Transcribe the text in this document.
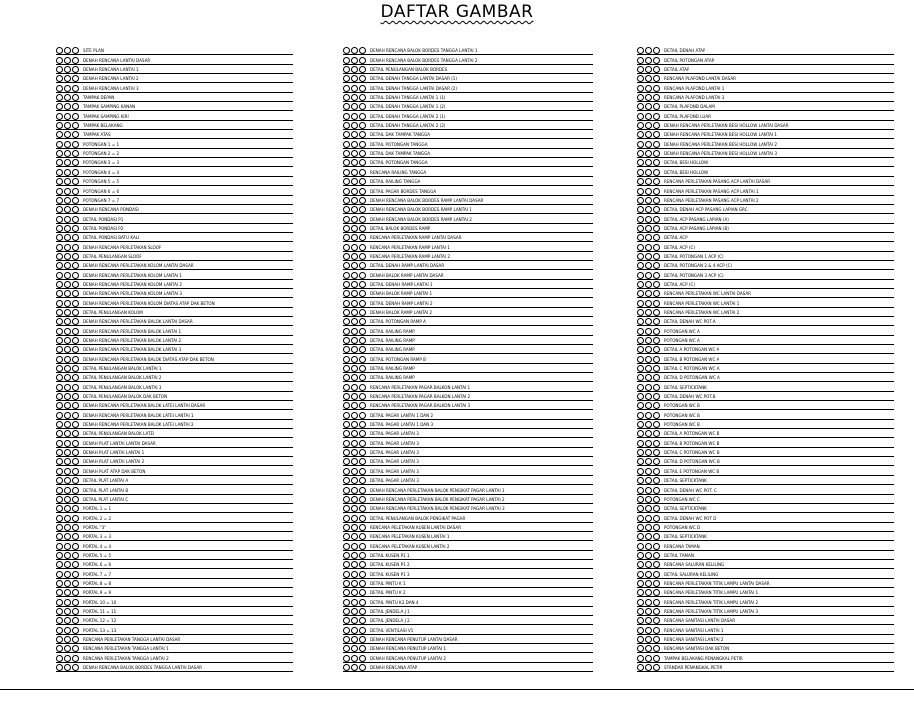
DAFTAR GAMBAR
SITE PLAN
DENAH RENCANA LANTAI DASAR
DENAH RENCANA LANTAI 1
DENAH RENCANA LANTAI 2
DENAH RENCANA LANTAI 3
TAMPAK DEPAN
TAMPAK SAMPING KANAN
TAMPAK SAMPING KIRI
TAMPAK BELAKANG
TAMPAK ATAS
POTONGAN 1 = 1
POTONGAN 2 = 2
POTONGAN 3 = 3
POTONGAN 4 = 4
POTONGAN 5 = 5
POTONGAN 6 = 6
POTONGAN 7 = 7
DENAH RENCANA PONDASI
DETAIL PONDASI P1
DETAIL PONDASI P2
DETAIL PONDASI BATU KALI
DENAH RENCANA PERLETAKAN SLOOF
DETAIL PENULANGAN SLOOF
DENAH RENCANA PERLETAKAN KOLOM LANTAI DASAR
DENAH RENCANA PERLETAKAN KOLOM LANTAI 1
DENAH RENCANA PERLETAKAN KOLOM LANTAI 2
DENAH RENCANA PERLETAKAN KOLOM LANTAI 3
DENAH RENCANA PERLETAKAN KOLOM DIATAS ATAP DAK BETON
DETAIL PENULANGAN KOLOM
DENAH RENCANA PERLETAKAN BALOK LANTAI DASAR
DENAH RENCANA PERLETAKAN BALOK LANTAI 1
DENAH RENCANA PERLETAKAN BALOK LANTAI 2
DENAH RENCANA PERLETAKAN BALOK LANTAI 3
DENAH RENCANA PERLETAKAN BALOK DIATAS ATAP DAK BETON
DETAIL PENULANGAN BALOK LANTAI 1
DETAIL PENULANGAN BALOK LANTAI 2
DETAIL PENULANGAN BALOK LANTAI 3
DETAIL PENULANGAN BALOK DAK BETON
DENAH RENCANA PERLETAKAN BALOK LATEI LANTAI DASAR
DENAH RENCANA PERLETAKAN BALOK LATEI LANTAI 1
DENAH RENCANA PERLETAKAN BALOK LATEI LANTAI 2
DETAIL PENULANGAN BALOK LATEI
DENAH PLAT LANTAI LANTAI DASAR
DENAH PLAT LANTAI LANTAI 1
DENAH PLAT LANTAI LANTAI 2
DENAH PLAT ATAP DAK BETON
DETAIL PLAT LANTAI A
DETAIL PLAT LANTAI B
DETAIL PLAT LANTAI C
PORTAL 1 = 1
PORTAL 2 = 2
PORTAL "3"
PORTAL 3 = 3
PORTAL 4 = 4
PORTAL 5 = 5
PORTAL 6 = 6
PORTAL 7 = 7
PORTAL 8 = 8
PORTAL 9 = 9
PORTAL 10 = 10
PORTAL 11 = 11
PORTAL 12 = 12
PORTAL 13 = 13
RENCANA PERLETAKAN TANGGA LANTAI DASAR
RENCANA PERLETAKAN TANGGA LANTAI 1
RENCANA PERLETAKAN TANGGA LANTAI 2
DENAH RENCANA BALOK BORDES TANGGA LANTAI DASAR
DENAH RENCANA BALOK BORDES TANGGA LANTAI 1
DENAH RENCANA BALOK BORDES TANGGA LANTAI 2
DETAIL PENULANGAN BALOK BORDES
DETAIL DENAH TANGGA LANTAI DASAR (1)
DETAIL DENAH TANGGA LANTAI DASAR (2)
DETAIL DENAH TANGGA LANTAI 1 (1)
DETAIL DENAH TANGGA LANTAI 1 (2)
DETAIL DENAH TANGGA LANTAI 2 (1)
DETAIL DENAH TANGGA LANTAI 2 (2)
DETAIL DAK TAMPAK TANGGA
DETAIL POTONGAN TANGGA
DETAIL DAK TAMPAK TANGGA
DETAIL POTONGAN TANGGA
RENCANA RAILING TANGGA
DETAIL RAILING TANGGA
DETAIL PAGAR BORDES TANGGA
DENAH RENCANA BALOK BORDES RAMP LANTAI DASAR
DENAH RENCANA BALOK BORDES RAMP LANTAI 1
DENAH RENCANA BALOK BORDES RAMP LANTAI 2
DETAIL BALOK BORDES RAMP
RENCANA PERLETAKAN RAMP LANTAI DASAR
RENCANA PERLETAKAN RAMP LANTAI 1
RENCANA PERLETAKAN RAMP LANTAI 2
DETAIL DENAH RAMP LANTAI DASAR
DENAH BALOK RAMP LANTAI DASAR
DETAIL DENAH RAMP LANTAI 1
DENAH BALOK RAMP LANTAI 1
DETAIL DENAH RAMP LANTAI 2
DENAH BALOK RAMP LANTAI 2
DETAIL POTONGAN RAMP A
DETAIL RAILING RAMP
DETAIL RAILING RAMP
DETAIL RAILING RAMP
DETAIL POTONGAN RAMP B
DETAIL RAILING RAMP
DETAIL RAILING RAMP
RENCANA PERLETAKAN PAGAR BALKON LANTAI 1
RENCANA PERLETAKAN PAGAR BALKON LANTAI 2
RENCANA PERLETAKAN PAGAR BALKON LANTAI 3
DETAIL PAGAR LANTAI 1 DAN 2
DETAIL PAGAR LANTAI 1 DAN 3
DETAIL PAGAR LANTAI 3
DETAIL PAGAR LANTAI 3
DETAIL PAGAR LANTAI 3
DETAIL PAGAR LANTAI 3
DETAIL PAGAR LANTAI 3
DETAIL PAGAR LANTAI 3
DENAH RENCANA PERLETAKAN BALOK PENGIKAT PAGAR LANTAI 1
DENAH RENCANA PERLETAKAN BALOK PENGIKAT PAGAR LANTAI 2
DENAH RENCANA PERLETAKAN BALOK PENGIKAT PAGAR LANTAI 3
DETAIL PENULANGAN BALOK PENGIKAT PAGAR
RENCANA PELETAKAN KUSEN LANTAI DASAR
RENCANA PELETAKAN KUSEN LANTAI 1
RENCANA PELETAKAN KUSEN LANTAI 2
DETAIL KUSEN P1 1
DETAIL KUSEN P1 2
DETAIL KUSEN P1 3
DETAIL PINTU K 1
DETAIL PINTU K 2
DETAIL PINTU K3 DAN 4
DETAIL JENDELA J 1
DETAIL JENDELA J 2
DETAIL VENTILASI V1
DENAH RENCANA PENUTUP LANTAI DASAR
DENAH RENCANA PENUTUP LANTAI 1
DENAH RENCANA PENUTUP LANTAI 2
DENAH RENCANA ATAP
DETAIL DENAH ATAP
DETAIL POTONGAN ATAP
DETAIL ATAP
RENCANA PLAFOND LANTAI DASAR
RENCANA PLAFOND LANTAI 1
RENCANA PLAFOND LANTAI 3
DETAIL PLAFOND DALAM
DETAIL PLAFOND LUAR
DENAH RENCANA PERLETAKAN BESI HOLLOW LANTAI DASAR
DENAH RENCANA PERLETAKAN BESI HOLLOW LANTAI 1
DENAH RENCANA PERLETAKAN BESI HOLLOW LANTAI 2
DENAH RENCANA PERLETAKAN BESI HOLLOW LANTAI 3
DETAIL BESI HOLLOW
DETAIL BESI HOLLOW
RENCANA PERLETAKAN PASANG ACP LANTAI DASAR
RENCANA PERLETAKAN PASANG ACP LANTAI 1
RENCANA PERLETAKAN PASANG ACP LANTAI 2
DETAIL DENAH ACP PASANG LAPIAN GRC
DETAIL ACP PASANG LAPIAN (A)
DETAIL ACP PASANG LAPIAN (B)
DETAIL ACP
DETAIL ACP (C)
DETAIL POTONGAN 1 ACP (C)
DETAIL POTONGAN 2 & 4 ACP (C)
DETAIL POTONGAN 3 ACP (C)
DETAIL ACP (C)
RENCANA PERLETAKAN WC LANTAI DASAR
RENCANA PERLETAKAN WC LANTAI 1
RENCANA PERLETAKAN WC LANTAI 2
DETAIL DENAH WC POT.A
POTONGAN WC A
POTONGAN WC A
DETAIL A POTONGAN WC A
DETAIL B POTONGAN WC A
DETAIL C POTONGAN WC A
DETAIL D POTONGAN WC A
DETAIL SEPTICKTANK
DETAIL DENAH WC POT.B
POTONGAN WC B
POTONGAN WC B
POTONGAN WC B
DETAIL A POTONGAN WC B
DETAIL B POTONGAN WC B
DETAIL C POTONGAN WC B
DETAIL D POTONGAN WC B
DETAIL E POTONGAN WC B
DETAIL SEPTICKTANK
DETAIL DENAH WC POT. C
POTONGAN WC C
DETAIL SEPTICKTANK
DETAIL DENAH WC POT D
POTONGAN WC D
DETAIL SEPTICKTANK
RENCANA TAMAN
DETAIL TAMAN
RENCANA SALURAN KELILING
DETAIL SALURAN KELILING
RENCANA PERLETAKAN TITIK LAMPU LANTAI DASAR
RENCANA PERLETAKAN TITIK LAMPU LANTAI 1
RENCANA PERLETAKAN TITIK LAMPU LANTAI 2
RENCANA PERLETAKAN TITIK LAMPU LANTAI 3
RENCANA SANITASI LANTAI DASAR
RENCANA SANITASI LANTAI 1
RENCANA SANITASI LANTAI 2
RENCANA SANITASI DAK BETON
TAMPAK BELAKANG PENANGKAL PETIR
STANDAR PENANGKAL PETIR
